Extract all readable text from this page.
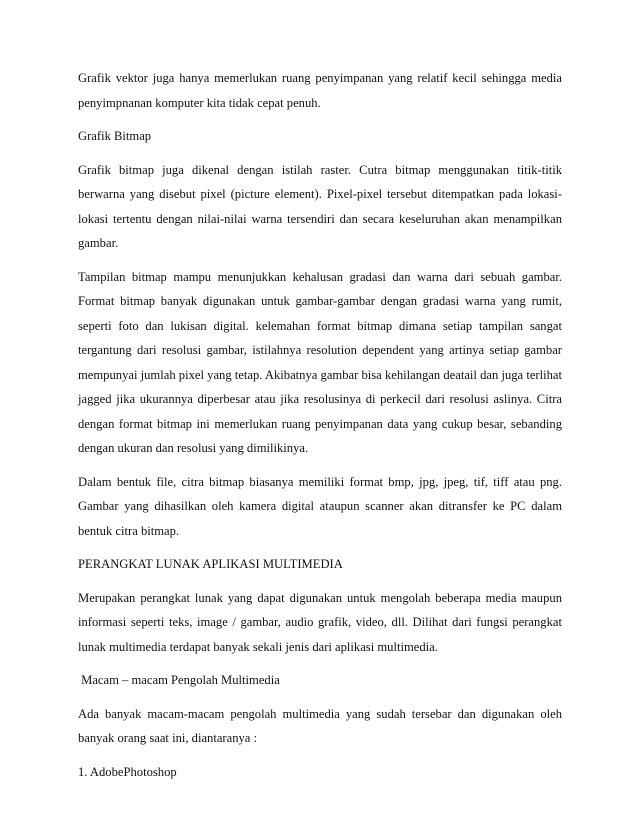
Grafik vektor juga hanya memerlukan ruang penyimpanan yang relatif kecil sehingga media penyimpnanan komputer kita tidak cepat penuh.

Grafik Bitmap

Grafik bitmap juga dikenal dengan istilah raster. Cutra bitmap menggunakan titik-titik berwarna yang disebut pixel (picture element). Pixel-pixel tersebut ditempatkan pada lokasi-lokasi tertentu dengan nilai-nilai warna tersendiri dan secara keseluruhan akan menampilkan gambar.

Tampilan bitmap mampu menunjukkan kehalusan gradasi dan warna dari sebuah gambar. Format bitmap banyak digunakan untuk gambar-gambar dengan gradasi warna yang rumit, seperti foto dan lukisan digital. kelemahan format bitmap dimana setiap tampilan sangat tergantung dari resolusi gambar, istilahnya resolution dependent yang artinya setiap gambar mempunyai jumlah pixel yang tetap. Akibatnya gambar bisa kehilangan deatail dan juga terlihat jagged jika ukurannya diperbesar atau jika resolusinya di perkecil dari resolusi aslinya. Citra dengan format bitmap ini memerlukan ruang penyimpanan data yang cukup besar, sebanding dengan ukuran dan resolusi yang dimilikinya.

Dalam bentuk file, citra bitmap biasanya memiliki format bmp, jpg, jpeg, tif, tiff atau png. Gambar yang dihasilkan oleh kamera digital ataupun scanner akan ditransfer ke PC dalam bentuk citra bitmap.

PERANGKAT LUNAK APLIKASI MULTIMEDIA

Merupakan perangkat lunak yang dapat digunakan untuk mengolah beberapa media maupun informasi seperti teks, image / gambar, audio grafik, video, dll. Dilihat dari fungsi perangkat lunak multimedia terdapat banyak sekali jenis dari aplikasi multimedia.

Macam – macam Pengolah Multimedia

Ada banyak macam-macam pengolah multimedia yang sudah tersebar dan digunakan oleh banyak orang saat ini, diantaranya :

1. AdobePhotoshop
